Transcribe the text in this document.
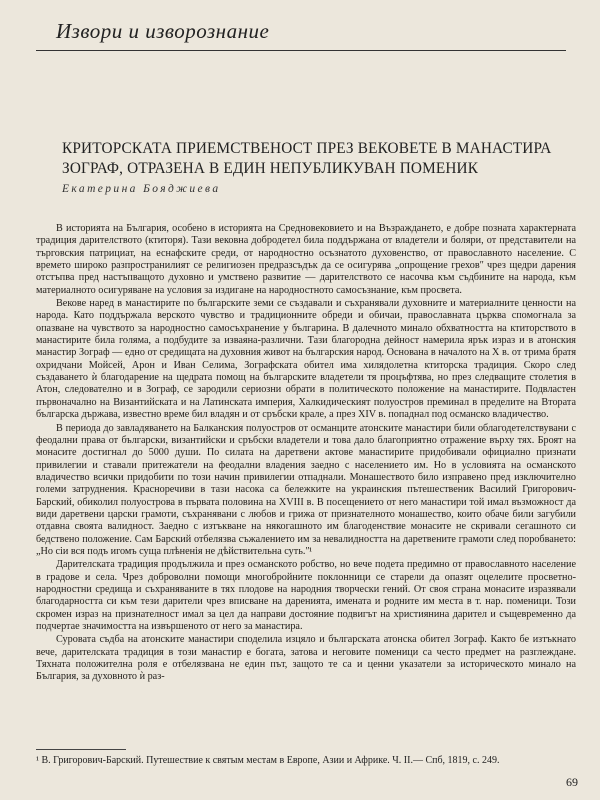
Извори и изворознание
КРИТОРСКАТА ПРИЕМСТВЕНОСТ ПРЕЗ ВЕКОВЕТЕ В МАНАСТИРА
ЗОГРАФ, ОТРАЗЕНА В ЕДИН НЕПУБЛИКУВАН ПОМЕНИК
Екатерина Бояджиева

В историята на България, особено в историята на Средновековието и на Възраждането, е добре позната характерната традиция даритeлството (ктиторя). Тази вековна добродетел била поддържана от владетели и боляри, от представители на търговския патрициат, на еснафските среди, от народностно осъзнатото духовенство, от православното население. С времето широко разпространилият се религиозен предразсъдък да се осигурява „опрощение греховʺ чрез щедри дарения отстъпва пред настъпващото духовно и умствено развитие — даритeлството се насочва към съдбините на народа, към материалното осигуряване на условия за издигане на народностното самосъзнание, към просвета.

Векове наред в манастирите по българските земи се създавали и съхранявали духовните и материалните ценности на народа. Като поддържала верското чувство и традиционните обреди и обичаи, православната църква спомогнала за опазване на чувството за народностно самосъхранение у българина. В далечното минало обхватността на ктиторството в манастирите била голяма, а подбудите за изваяна-различни. Тази благородна дейност намерила ярък израз и в атонския манастир Зограф — едно от средищата на духовния живот на българския народ. Основана в началото на X в. от трима братя охридчани Мойсей, Арон и Иван Селима, Зографската обител има хилядолетна ктиторска традиция. Скоро след създаването ѝ благодарение на щедрата помощ на българските владетели тя процъфтява, но през следващите столетия в Атон, следователно и в Зограф, се зародили сериозни обрати в политическото положение на манастирите. Подвластен първоначално на Византийската и на Латинската империя, Халкидическият полуостров преминал в пределите на Втората българска държава, известно време бил владян и от сръбски крале, а през XIV в. попаднал под османско владичество.

В периода до завладяването на Балканския полуостров от османците атонските манастири били облагодетелствувани с феодални права от български, византийски и сръбски владетели и това дало благоприятно отражение върху тях. Броят на монасите достигнал до 5000 души. По силата на даретвени актове манастирите придобивали официално признати привилегии и ставали притежатели на феодални владения заедно с населението им. Но в условията на османското владичество всички придобити по този начин привилегии отпаднали. Монашеството било изправено пред изключително големи затруднения. Красноречиви в тази насока са бележките на украинския пътешественик Василий Григорович-Барский, обиколил полуострова в първата половина на XVIII в. В посещението от него манастири той имал възможност да види даретвени царски грамоти, съхранявани с любов и грижа от признателното монашество, които обаче били загубили отдавна своята валидност. Заедно с изтъкване на някогашното им благоденствие монасите не скривали сегашното си бедствено положение. Сам Барский отбелязва съжалението им за невалидността на даретвените грамоти след поробването: „Но сiи вся подъ игомъ суща плѣненiя не дѣйствительна суть.ʺ¹

Даритeлската традиция продължила и през османското робство, но вече подета предимно от православното население в градове и села. Чрез доброволни помощи многобройните поклонници се старели да опазят оцелелите просветно-народностни средища и съхраняваните в тях плодове на народния творчески гений. От своя страна монасите изразявали благодарността си към тези дарители чрез вписване на даренията, имената и родните им места в т. нар. поменици. Този скромен израз на признателност имал за цел да направи достояние подвигът на християнина дарител и същевременно да подчертае значимостта на извършеното от него за манастира.

Суровата съдба на атонските манастири споделила изцяло и българската атонска обител Зограф. Както бе изтъкнато вече, даритeлската традиция в този манастир е богата, затова и неговите поменици са често предмет на разглеждане. Тяхната положителна роля е отбелязвана не един път, защото те са и ценни указатели за историческото минало на България, за духовното ѝ раз-

¹ В. Григорович-Барский. Путешествие к святым местам в Европе, Азии и Африке. Ч. II.— Спб, 1819, с. 249.
69
